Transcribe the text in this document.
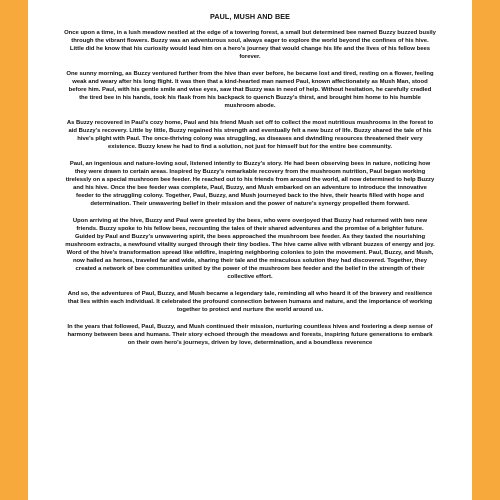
PAUL, MUSH AND BEE

Once upon a time, in a lush meadow nestled at the edge of a towering forest, a small but determined bee named Buzzy buzzed busily through the vibrant flowers. Buzzy was an adventurous soul, always eager to explore the world beyond the confines of his hive. Little did he know that his curiosity would lead him on a hero's journey that would change his life and the lives of his fellow bees forever.

One sunny morning, as Buzzy ventured further from the hive than ever before, he became lost and tired, resting on a flower, feeling weak and weary after his long flight. It was then that a kind-hearted man named Paul, known affectionately as Mush Man, stood before him. Paul, with his gentle smile and wise eyes, saw that Buzzy was in need of help. Without hesitation, he carefully cradled the tired bee in his hands, took his flask from his backpack to quench Buzzy's thirst, and brought him home to his humble mushroom abode.

As Buzzy recovered in Paul's cozy home, Paul and his friend Mush set off to collect the most nutritious mushrooms in the forest to aid Buzzy's recovery. Little by little, Buzzy regained his strength and eventually felt a new buzz of life. Buzzy shared the tale of his hive's plight with Paul. The once-thriving colony was struggling, as diseases and dwindling resources threatened their very existence. Buzzy knew he had to find a solution, not just for himself but for the entire bee community.

Paul, an ingenious and nature-loving soul, listened intently to Buzzy's story. He had been observing bees in nature, noticing how they were drawn to certain areas. Inspired by Buzzy's remarkable recovery from the mushroom nutrition, Paul began working tirelessly on a special mushroom bee feeder. He reached out to his friends from around the world, all now determined to help Buzzy and his hive. Once the bee feeder was complete, Paul, Buzzy, and Mush embarked on an adventure to introduce the innovative feeder to the struggling colony. Together, Paul, Buzzy, and Mush journeyed back to the hive, their hearts filled with hope and determination. Their unwavering belief in their mission and the power of nature's synergy propelled them forward.

Upon arriving at the hive, Buzzy and Paul were greeted by the bees, who were overjoyed that Buzzy had returned with two new friends. Buzzy spoke to his fellow bees, recounting the tales of their shared adventures and the promise of a brighter future.

Guided by Paul and Buzzy's unwavering spirit, the bees approached the mushroom bee feeder. As they tasted the nourishing mushroom extracts, a newfound vitality surged through their tiny bodies. The hive came alive with vibrant buzzes of energy and joy.

Word of the hive's transformation spread like wildfire, inspiring neighboring colonies to join the movement. Paul, Buzzy, and Mush, now hailed as heroes, traveled far and wide, sharing their tale and the miraculous solution they had discovered. Together, they created a network of bee communities united by the power of the mushroom bee feeder and the belief in the strength of their collective effort.

And so, the adventures of Paul, Buzzy, and Mush became a legendary tale, reminding all who heard it of the bravery and resilience that lies within each individual. It celebrated the profound connection between humans and nature, and the importance of working together to protect and nurture the world around us.

In the years that followed, Paul, Buzzy, and Mush continued their mission, nurturing countless hives and fostering a deep sense of harmony between bees and humans. Their story echoed through the meadows and forests, inspiring future generations to embark on their own hero's journeys, driven by love, determination, and a boundless reverence
